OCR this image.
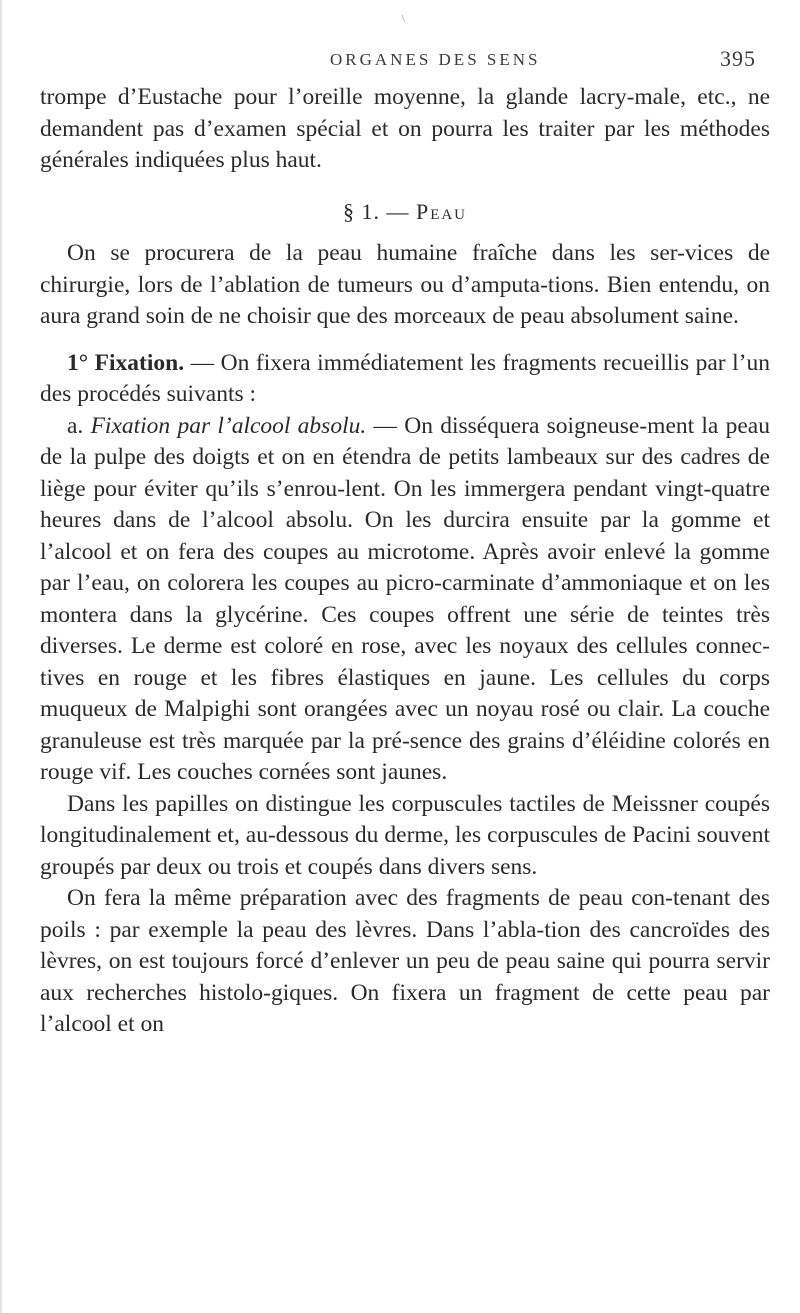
\
ORGANES DES SENS	395

trompe d’Eustache pour l’oreille moyenne, la glande lacry-male, etc., ne demandent pas d’examen spécial et on pourra les traiter par les méthodes générales indiquées plus haut.

§ 1. — Peau

On se procurera de la peau humaine fraîche dans les ser-vices de chirurgie, lors de l’ablation de tumeurs ou d’amputa-tions. Bien entendu, on aura grand soin de ne choisir que des morceaux de peau absolument saine.

1° Fixation. — On fixera immédiatement les fragments recueillis par l’un des procédés suivants :

a. Fixation par l’alcool absolu. — On disséquera soigneuse-ment la peau de la pulpe des doigts et on en étendra de petits lambeaux sur des cadres de liège pour éviter qu’ils s’enrou-lent. On les immergera pendant vingt-quatre heures dans de l’alcool absolu. On les durcira ensuite par la gomme et l’alcool et on fera des coupes au microtome. Après avoir enlevé la gomme par l’eau, on colorera les coupes au picro-carminate d’ammoniaque et on les montera dans la glycérine. Ces coupes offrent une série de teintes très diverses. Le derme est coloré en rose, avec les noyaux des cellules connec-tives en rouge et les fibres élastiques en jaune. Les cellules du corps muqueux de Malpighi sont orangées avec un noyau rosé ou clair. La couche granuleuse est très marquée par la pré-sence des grains d’éléidine colorés en rouge vif. Les couches cornées sont jaunes.

Dans les papilles on distingue les corpuscules tactiles de Meissner coupés longitudinalement et, au-dessous du derme, les corpuscules de Pacini souvent groupés par deux ou trois et coupés dans divers sens.

On fera la même préparation avec des fragments de peau con-tenant des poils : par exemple la peau des lèvres. Dans l’abla-tion des cancroïdes des lèvres, on est toujours forcé d’enlever un peu de peau saine qui pourra servir aux recherches histolo-giques. On fixera un fragment de cette peau par l’alcool et on
